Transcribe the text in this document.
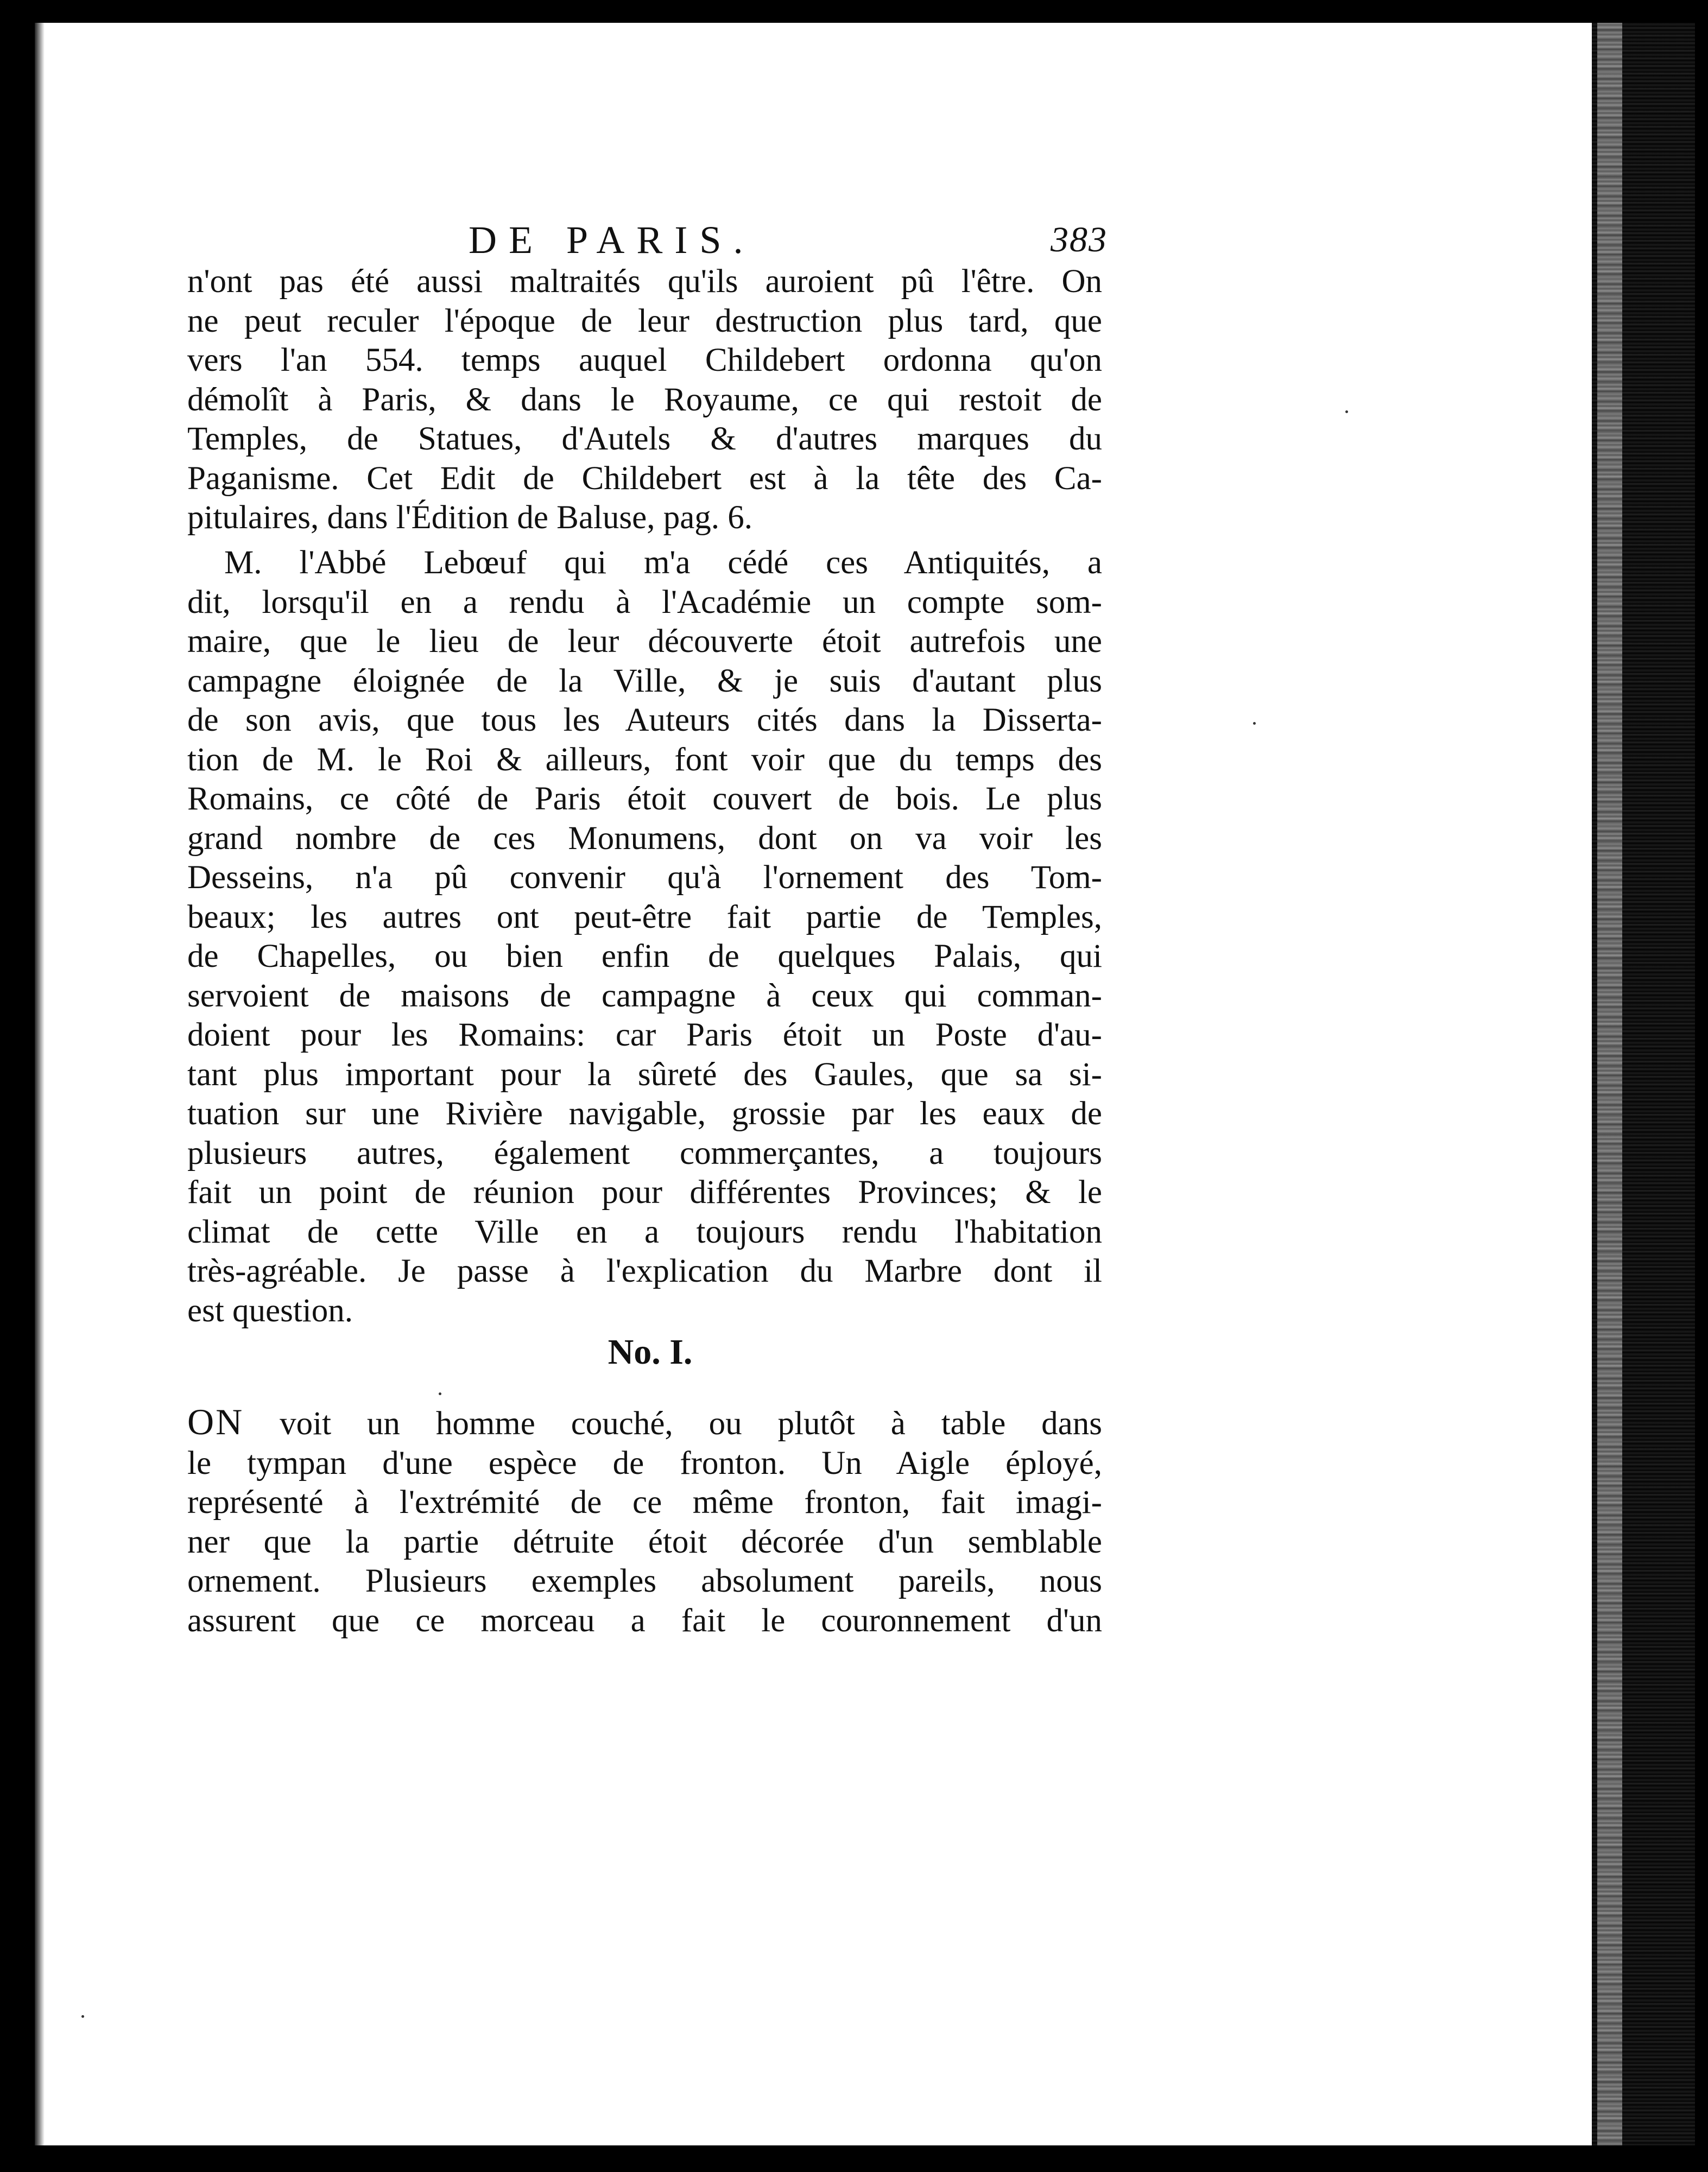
DE PARIS.	383
n'ont pas été aussi maltraités qu'ils auroient pû l'être. On
ne peut reculer l'époque de leur destruction plus tard, que
vers l'an 554. temps auquel Childebert ordonna qu'on
démolît à Paris, & dans le Royaume, ce qui restoit de
Temples, de Statues, d'Autels & d'autres marques du
Paganisme. Cet Edit de Childebert est à la tête des Ca-
pitulaires, dans l'Édition de Baluse, pag. 6.
M. l'Abbé Lebœuf qui m'a cédé ces Antiquités, a
dit, lorsqu'il en a rendu à l'Académie un compte som-
maire, que le lieu de leur découverte étoit autrefois une
campagne éloignée de la Ville, & je suis d'autant plus
de son avis, que tous les Auteurs cités dans la Disserta-
tion de M. le Roi & ailleurs, font voir que du temps des
Romains, ce côté de Paris étoit couvert de bois. Le plus
grand nombre de ces Monumens, dont on va voir les
Desseins, n'a pû convenir qu'à l'ornement des Tom-
beaux; les autres ont peut-être fait partie de Temples,
de Chapelles, ou bien enfin de quelques Palais, qui
servoient de maisons de campagne à ceux qui comman-
doient pour les Romains: car Paris étoit un Poste d'au-
tant plus important pour la sûreté des Gaules, que sa si-
tuation sur une Rivière navigable, grossie par les eaux de
plusieurs autres, également commerçantes, a toujours
fait un point de réunion pour différentes Provinces; & le
climat de cette Ville en a toujours rendu l'habitation
très-agréable. Je passe à l'explication du Marbre dont il
est question.
No. I.
ON voit un homme couché, ou plutôt à table dans
le tympan d'une espèce de fronton. Un Aigle éployé,
représenté à l'extrémité de ce même fronton, fait imagi-
ner que la partie détruite étoit décorée d'un semblable
ornement. Plusieurs exemples absolument pareils, nous
assurent que ce morceau a fait le couronnement d'un
